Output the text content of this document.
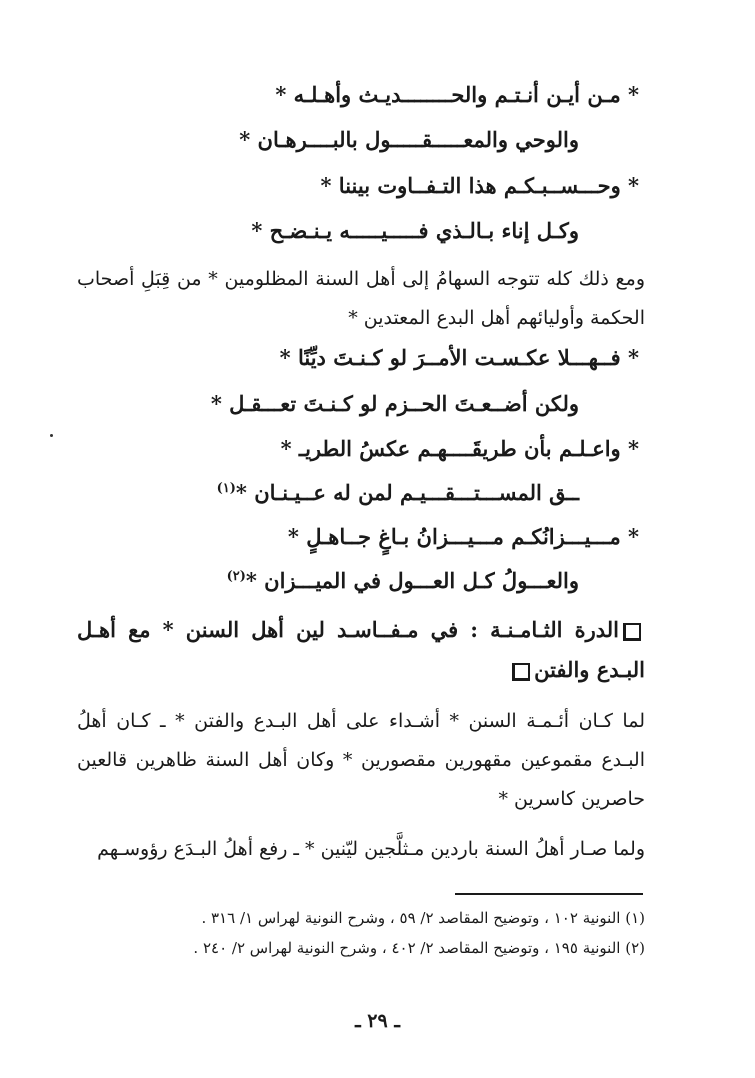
* مـن أيـن أنـتـم والحــــــــديـث وأهـلـه *
والوحي والمعـــــقـــــول بالبــــرهـان *
* وحـــســبـكـم هذا التـفــاوت بيننا *
وكـل إناء بـالـذي فـــــيـــــه يـنـضـح *
ومع ذلك كله تتوجه السهامُ إلى أهل السنة المظلومين * من قِبَلِ أصحاب الحكمة وأوليائهم أهل البدع المعتدين *
* فــهـــلا عكـسـت الأمــرَ لو كـنـتَ ديِّنًا *
ولكن أضــعـتَ الحــزم لو كـنـتَ تعـــقـل *
* واعـلـم بأن طريقَــــهـم عكسُ الطريـ *
ــق المســـتـــقـــيـم لمن له عــيـنـان *$^{(١)}$
* مـــيـــزانُكـم مـــيـــزانُ بـاغٍ جــاهـلٍ *
والعـــولُ كـل العـــول في الميـــزان *$^{(٢)}$
الدرة الثـامـنـة : في مـفــاسـد لين أهل السنن * مع أهـل البـدع والفتن
لما كـان أئـمـة السنن * أشـداء على أهل البـدع والفتن * ـ كـان أهلُ البـدع مقموعين مقهورين مقصورين * وكان أهل السنة ظاهرين قالعين حاصرين كاسرين *
ولما صـار أهلُ السنة باردين مـثلَّجين ليّنين * ـ رفع أهلُ البـدَع رؤوسـهم
(١) النونية ١٠٢ ، وتوضيح المقاصد ٢/ ٥٩ ، وشرح النونية لهراس ١/ ٣١٦ .
(٢) النونية ١٩٥ ، وتوضيح المقاصد ٢/ ٤٠٢ ، وشرح النونية لهراس ٢/ ٢٤٠ .
ـ ٢٩ ـ
